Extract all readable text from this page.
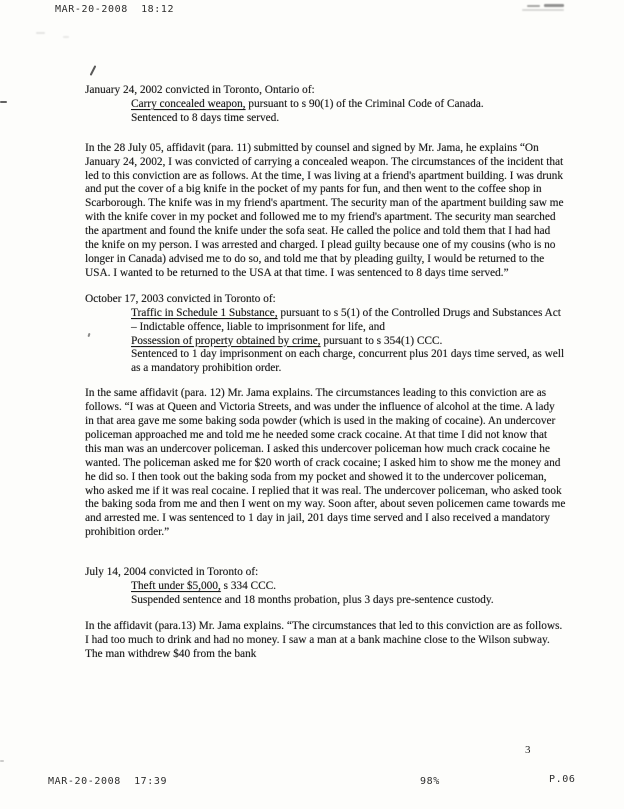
MAR-20-2008  18:12
January 24, 2002 convicted in Toronto, Ontario of:
Carry concealed weapon, pursuant to s 90(1) of the Criminal Code of Canada.
Sentenced to 8 days time served.
In the 28 July 05, affidavit (para. 11) submitted by counsel and signed by Mr. Jama, he explains “On January 24, 2002, I was convicted of carrying a concealed weapon. The circumstances of the incident that led to this conviction are as follows. At the time, I was living at a friend's apartment building. I was drunk and put the cover of a big knife in the pocket of my pants for fun, and then went to the coffee shop in Scarborough. The knife was in my friend's apartment. The security man of the apartment building saw me with the knife cover in my pocket and followed me to my friend's apartment. The security man searched the apartment and found the knife under the sofa seat. He called the police and told them that I had had the knife on my person. I was arrested and charged. I plead guilty because one of my cousins (who is no longer in Canada) advised me to do so, and told me that by pleading guilty, I would be returned to the USA. I wanted to be returned to the USA at that time. I was sentenced to 8 days time served.”
October 17, 2003 convicted in Toronto of:
Traffic in Schedule 1 Substance, pursuant to s 5(1) of the Controlled Drugs and Substances Act – Indictable offence, liable to imprisonment for life, and
Possession of property obtained by crime, pursuant to s 354(1) CCC.
Sentenced to 1 day imprisonment on each charge, concurrent plus 201 days time served, as well as a mandatory prohibition order.
In the same affidavit (para. 12) Mr. Jama explains. The circumstances leading to this conviction are as follows. “I was at Queen and Victoria Streets, and was under the influence of alcohol at the time. A lady in that area gave me some baking soda powder (which is used in the making of cocaine). An undercover policeman approached me and told me he needed some crack cocaine. At that time I did not know that this man was an undercover policeman. I asked this undercover policeman how much crack cocaine he wanted. The policeman asked me for $20 worth of crack cocaine; I asked him to show me the money and he did so. I then took out the baking soda from my pocket and showed it to the undercover policeman, who asked me if it was real cocaine. I replied that it was real. The undercover policeman, who asked took the baking soda from me and then I went on my way. Soon after, about seven policemen came towards me and arrested me. I was sentenced to 1 day in jail, 201 days time served and I also received a mandatory prohibition order.”
July 14, 2004 convicted in Toronto of:
Theft under $5,000, s 334 CCC.
Suspended sentence and 18 months probation, plus 3 days pre-sentence custody.
In the affidavit (para.13) Mr. Jama explains. “The circumstances that led to this conviction are as follows. I had too much to drink and had no money. I saw a man at a bank machine close to the Wilson subway. The man withdrew $40 from the bank
3
MAR-20-2008  17:39	98%	P.06
